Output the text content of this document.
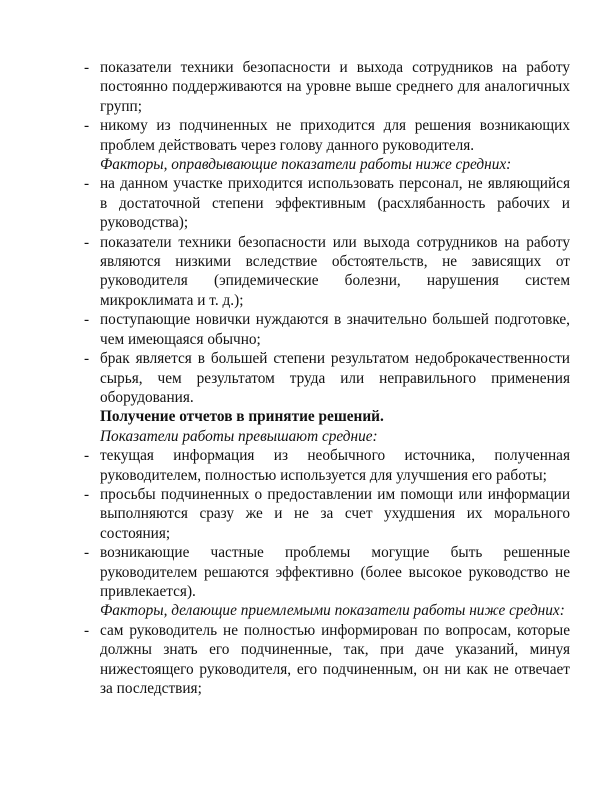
- показатели техники безопасности и выхода сотрудников на работу постоянно поддерживаются на уровне выше среднего для аналогичных групп;
- никому из подчиненных не приходится для решения возникающих проблем действовать через голову данного руководителя.
Факторы, оправдывающие показатели работы ниже средних:
- на данном участке приходится использовать персонал, не являющийся в достаточной степени эффективным (расхлябанность рабочих и руководства);
- показатели техники безопасности или выхода сотрудников на работу являются низкими вследствие обстоятельств, не зависящих от руководителя (эпидемические болезни, нарушения систем микроклимата и т. д.);
- поступающие новички нуждаются в значительно большей подготовке, чем имеющаяся обычно;
- брак является в большей степени результатом недоброкачественности сырья, чем результатом труда или неправильного применения оборудования.
Получение отчетов в принятие решений.
Показатели работы превышают средние:
- текущая информация из необычного источника, полученная руководителем, полностью используется для улучшения его работы;
- просьбы подчиненных о предоставлении им помощи или информации выполняются сразу же и не за счет ухудшения их морального состояния;
- возникающие частные проблемы могущие быть решенные руководителем решаются эффективно (более высокое руководство не привлекается).
Факторы, делающие приемлемыми показатели работы ниже средних:
- сам руководитель не полностью информирован по вопросам, которые должны знать его подчиненные, так, при даче указаний, минуя нижестоящего руководителя, его подчиненным, он ни как не отвечает за последствия;
